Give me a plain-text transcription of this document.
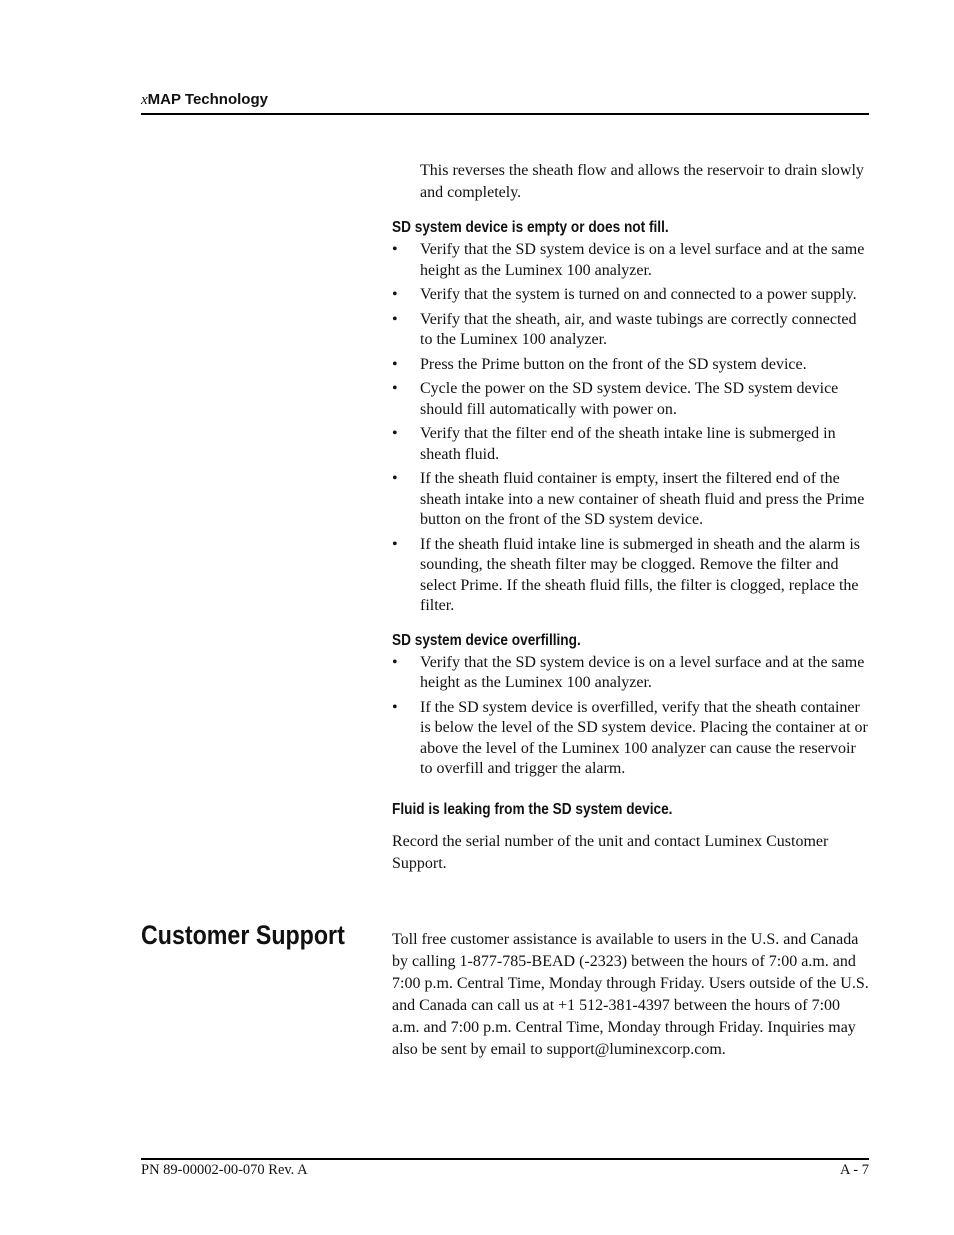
xMAP Technology

This reverses the sheath flow and allows the reservoir to drain slowly and completely.

SD system device is empty or does not fill.
• Verify that the SD system device is on a level surface and at the same height as the Luminex 100 analyzer.
• Verify that the system is turned on and connected to a power supply.
• Verify that the sheath, air, and waste tubings are correctly connected to the Luminex 100 analyzer.
• Press the Prime button on the front of the SD system device.
• Cycle the power on the SD system device. The SD system device should fill automatically with power on.
• Verify that the filter end of the sheath intake line is submerged in sheath fluid.
• If the sheath fluid container is empty, insert the filtered end of the sheath intake into a new container of sheath fluid and press the Prime button on the front of the SD system device.
• If the sheath fluid intake line is submerged in sheath and the alarm is sounding, the sheath filter may be clogged. Remove the filter and select Prime. If the sheath fluid fills, the filter is clogged, replace the filter.
SD system device overfilling.
• Verify that the SD system device is on a level surface and at the same height as the Luminex 100 analyzer.
• If the SD system device is overfilled, verify that the sheath container is below the level of the SD system device. Placing the container at or above the level of the Luminex 100 analyzer can cause the reservoir to overfill and trigger the alarm.
Fluid is leaking from the SD system device.

Record the serial number of the unit and contact Luminex Customer Support.

Customer Support	Toll free customer assistance is available to users in the U.S. and Canada by calling 1-877-785-BEAD (-2323) between the hours of 7:00 a.m. and 7:00 p.m. Central Time, Monday through Friday. Users outside of the U.S. and Canada can call us at +1 512-381-4397 between the hours of 7:00 a.m. and 7:00 p.m. Central Time, Monday through Friday. Inquiries may also be sent by email to support@luminexcorp.com.

PN 89-00002-00-070 Rev. A	A - 7
